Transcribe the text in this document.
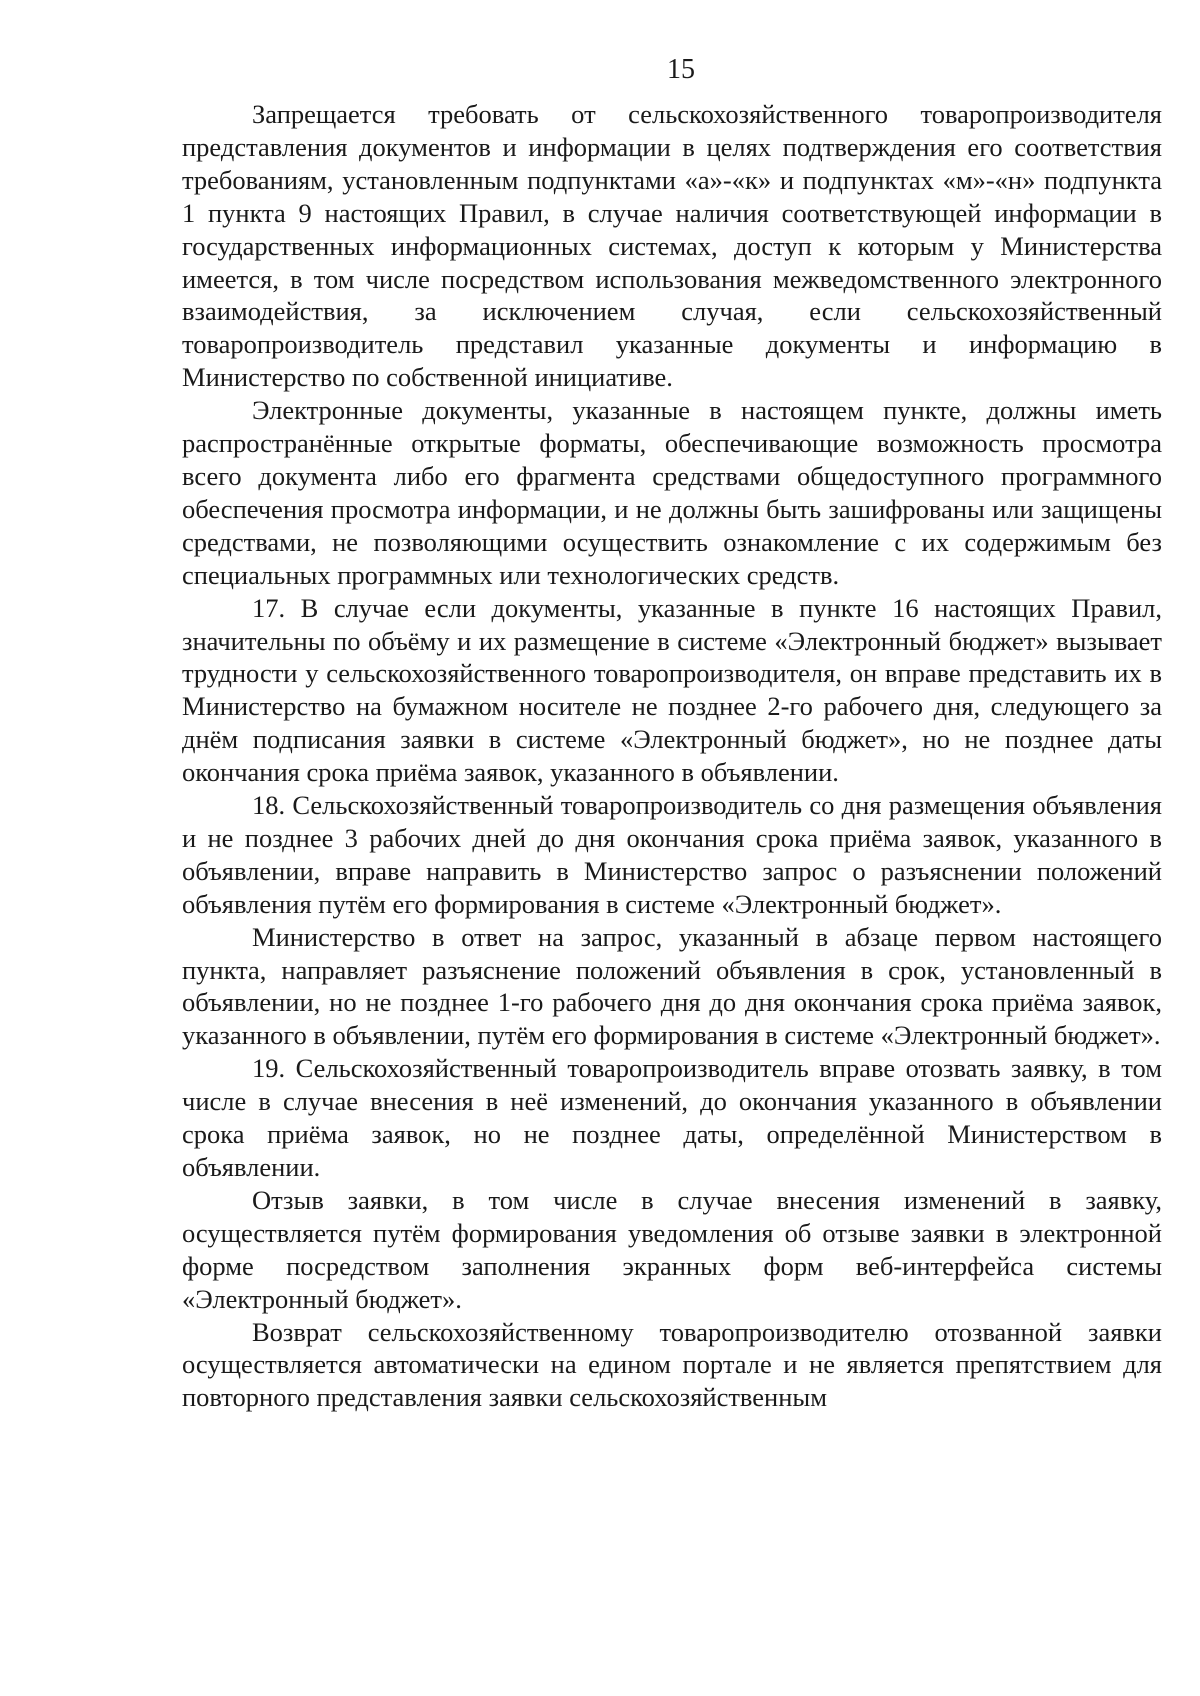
15

Запрещается требовать от сельскохозяйственного товаропроизводителя представления документов и информации в целях подтверждения его соответствия требованиям, установленным подпунктами «а»-«к» и подпунктах «м»-«н» подпункта 1 пункта 9 настоящих Правил, в случае наличия соответствующей информации в государственных информационных системах, доступ к которым у Министерства имеется, в том числе посредством использования межведомственного электронного взаимодействия, за исключением случая, если сельскохозяйственный товаропроизводитель представил указанные документы и информацию в Министерство по собственной инициативе.

Электронные документы, указанные в настоящем пункте, должны иметь распространённые открытые форматы, обеспечивающие возможность просмотра всего документа либо его фрагмента средствами общедоступного программного обеспечения просмотра информации, и не должны быть зашифрованы или защищены средствами, не позволяющими осуществить ознакомление с их содержимым без специальных программных или технологических средств.

17. В случае если документы, указанные в пункте 16 настоящих Правил, значительны по объёму и их размещение в системе «Электронный бюджет» вызывает трудности у сельскохозяйственного товаропроизводителя, он вправе представить их в Министерство на бумажном носителе не позднее 2-го рабочего дня, следующего за днём подписания заявки в системе «Электронный бюджет», но не позднее даты окончания срока приёма заявок, указанного в объявлении.

18. Сельскохозяйственный товаропроизводитель со дня размещения объявления и не позднее 3 рабочих дней до дня окончания срока приёма заявок, указанного в объявлении, вправе направить в Министерство запрос о разъяснении положений объявления путём его формирования в системе «Электронный бюджет».

Министерство в ответ на запрос, указанный в абзаце первом настоящего пункта, направляет разъяснение положений объявления в срок, установленный в объявлении, но не позднее 1-го рабочего дня до дня окончания срока приёма заявок, указанного в объявлении, путём его формирования в системе «Электронный бюджет».

19. Сельскохозяйственный товаропроизводитель вправе отозвать заявку, в том числе в случае внесения в неё изменений, до окончания указанного в объявлении срока приёма заявок, но не позднее даты, определённой Министерством в объявлении.

Отзыв заявки, в том числе в случае внесения изменений в заявку, осуществляется путём формирования уведомления об отзыве заявки в электронной форме посредством заполнения экранных форм веб-интерфейса системы «Электронный бюджет».

Возврат сельскохозяйственному товаропроизводителю отозванной заявки осуществляется автоматически на едином портале и не является препятствием для повторного представления заявки сельскохозяйственным
